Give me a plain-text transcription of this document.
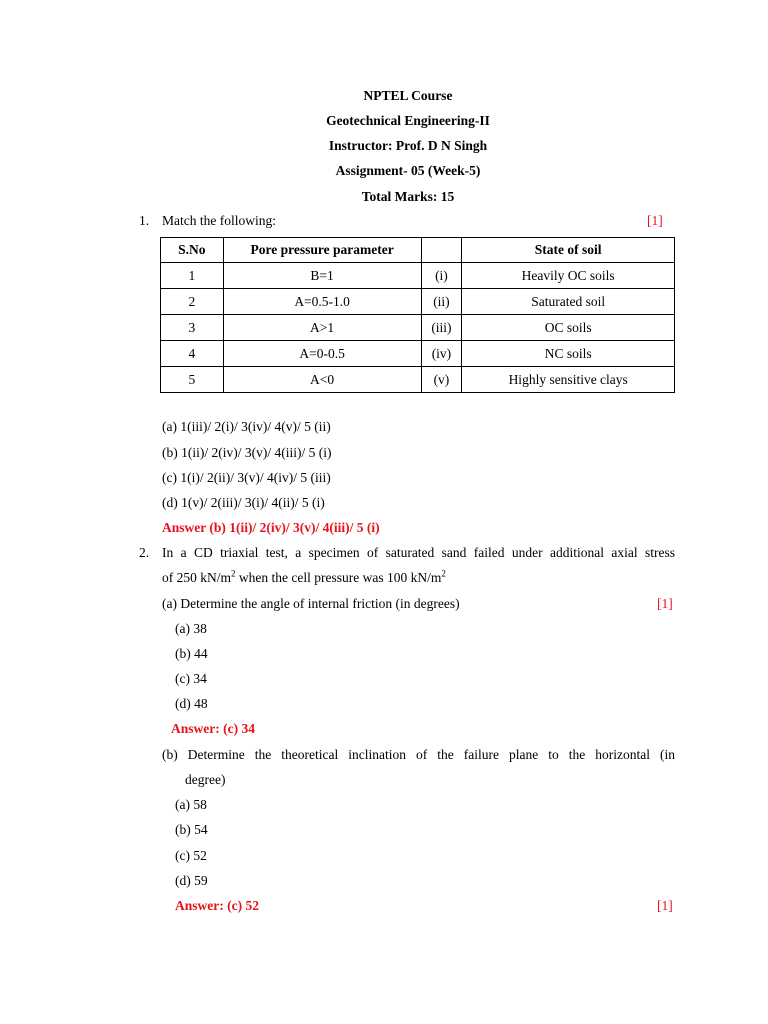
NPTEL Course
Geotechnical Engineering-II
Instructor: Prof. D N Singh
Assignment- 05 (Week-5)
Total Marks: 15
1. Match the following:	[1]
S.No	Pore pressure parameter		State of soil
1	B=1	(i)	Heavily OC soils
2	A=0.5-1.0	(ii)	Saturated soil
3	A>1	(iii)	OC soils
4	A=0-0.5	(iv)	NC soils
5	A<0	(v)	Highly sensitive clays
(a) 1(iii)/ 2(i)/ 3(iv)/ 4(v)/ 5 (ii)
(b) 1(ii)/ 2(iv)/ 3(v)/ 4(iii)/ 5 (i)
(c) 1(i)/ 2(ii)/ 3(v)/ 4(iv)/ 5 (iii)
(d) 1(v)/ 2(iii)/ 3(i)/ 4(ii)/ 5 (i)
Answer (b) 1(ii)/ 2(iv)/ 3(v)/ 4(iii)/ 5 (i)
2. In a CD triaxial test, a specimen of saturated sand failed under additional axial stress
of 250 $kN/m^2$ when the cell pressure was 100 $kN/m^2$
(a) Determine the angle of internal friction (in degrees)	[1]
(a) 38
(b) 44
(c) 34
(d) 48
Answer: (c) 34
(b) Determine the theoretical inclination of the failure plane to the horizontal (in
degree)
(a) 58
(b) 54
(c) 52
(d) 59
Answer: (c) 52	[1]
